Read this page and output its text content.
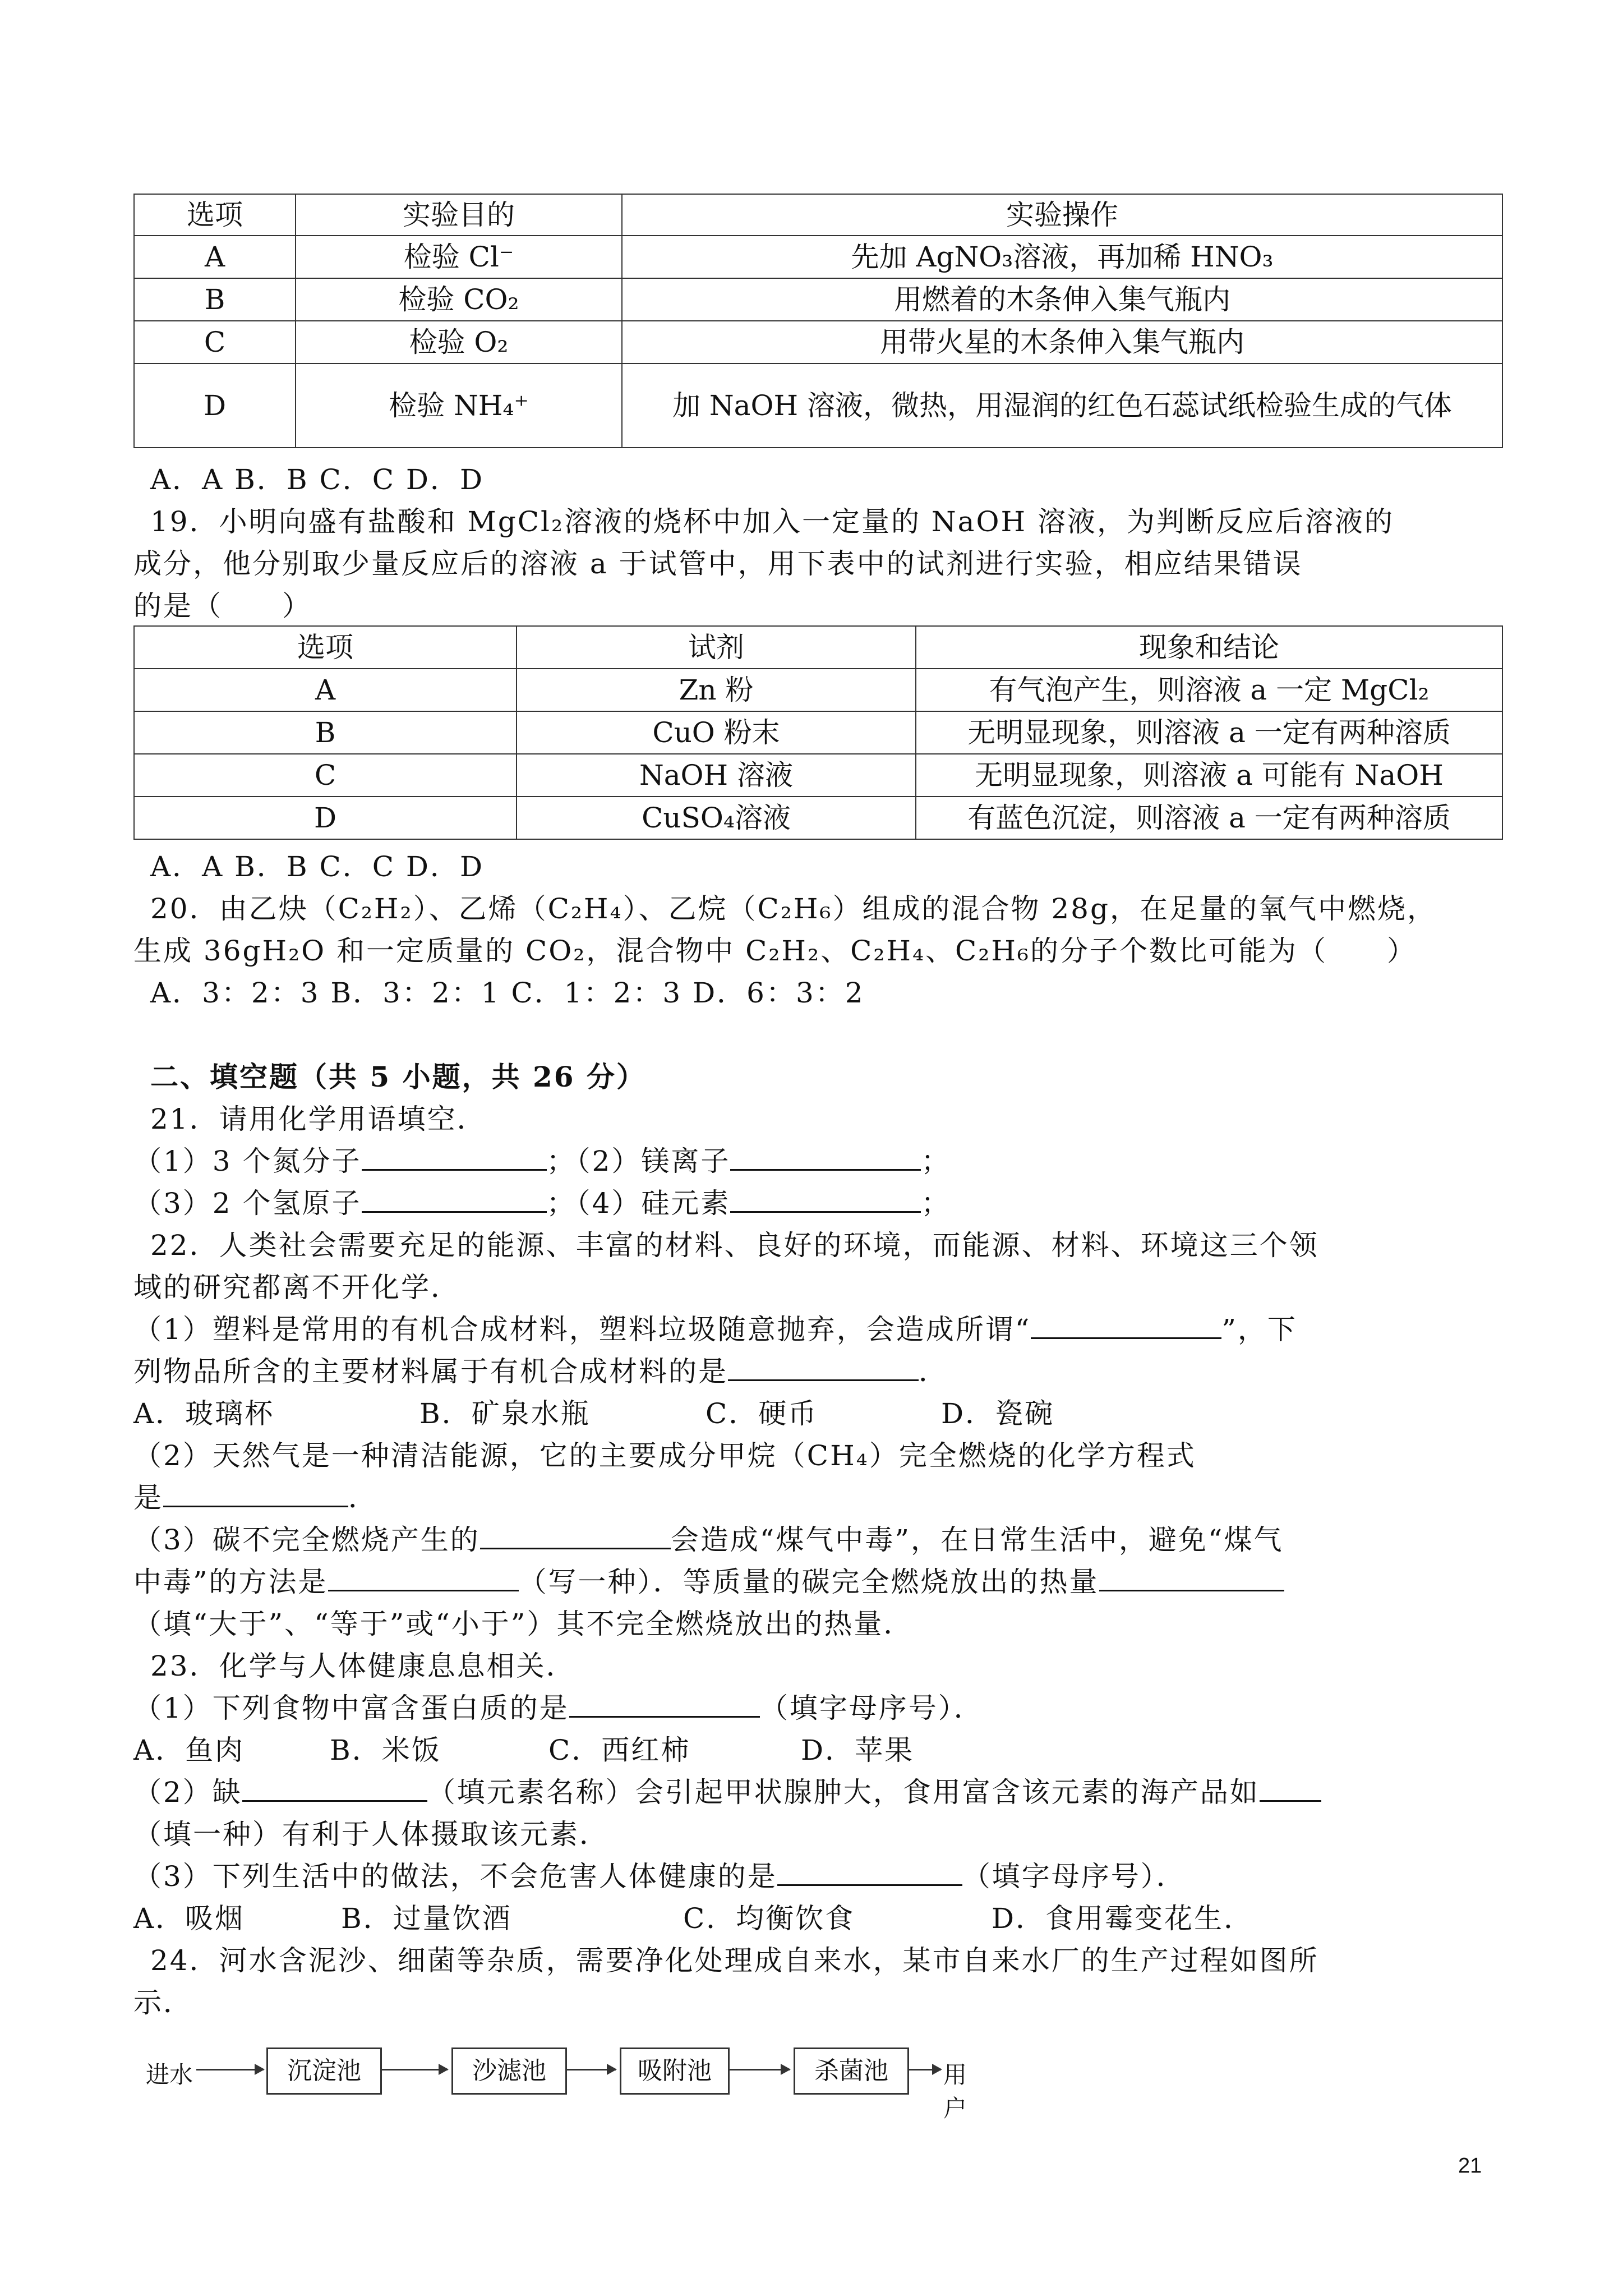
选项	实验目的	实验操作
A	检验 Cl⁻	先加 AgNO₃溶液，再加稀 HNO₃
B	检验 CO₂	用燃着的木条伸入集气瓶内
C	检验 O₂	用带火星的木条伸入集气瓶内
D	检验 NH₄⁺	加 NaOH 溶液，微热，用湿润的红色石蕊试纸检验生成的气体
A．A B．B C．C D．D
19．小明向盛有盐酸和 MgCl₂溶液的烧杯中加入一定量的 NaOH 溶液，为判断反应后溶液的
成分，他分别取少量反应后的溶液 a 于试管中，用下表中的试剂进行实验，相应结果错误
的是（　　）
选项	试剂	现象和结论
A	Zn 粉	有气泡产生，则溶液 a 一定 MgCl₂
B	CuO 粉末	无明显现象，则溶液 a 一定有两种溶质
C	NaOH 溶液	无明显现象，则溶液 a 可能有 NaOH
D	CuSO₄溶液	有蓝色沉淀，则溶液 a 一定有两种溶质
A．A B．B C．C D．D
20．由乙炔（C₂H₂）、乙烯（C₂H₄）、乙烷（C₂H₆）组成的混合物 28g，在足量的氧气中燃烧，
生成 36gH₂O 和一定质量的 CO₂，混合物中 C₂H₂、C₂H₄、C₂H₆的分子个数比可能为（　　）
A．3：2：3 B．3：2：1 C．1：2：3 D．6：3：2
二、填空题（共 5 小题，共 26 分）
21．请用化学用语填空．
（1）3 个氮分子	；（2）镁离子	；
（3）2 个氢原子	；（4）硅元素	；
22．人类社会需要充足的能源、丰富的材料、良好的环境，而能源、材料、环境这三个领
域的研究都离不开化学．
（1）塑料是常用的有机合成材料，塑料垃圾随意抛弃，会造成所谓“	”，下
列物品所含的主要材料属于有机合成材料的是	．
A．玻璃杯	B．矿泉水瓶	C．硬币	D．瓷碗
（2）天然气是一种清洁能源，它的主要成分甲烷（CH₄）完全燃烧的化学方程式
是	．
（3）碳不完全燃烧产生的	会造成“煤气中毒”，在日常生活中，避免“煤气
中毒”的方法是	（写一种）．等质量的碳完全燃烧放出的热量
（填“大于”、“等于”或“小于”）其不完全燃烧放出的热量．
23．化学与人体健康息息相关．
（1）下列食物中富含蛋白质的是	（填字母序号）．
A．鱼肉	B．米饭	C．西红柿	D．苹果
（2）缺	（填元素名称）会引起甲状腺肿大，食用富含该元素的海产品如
（填一种）有利于人体摄取该元素．
（3）下列生活中的做法，不会危害人体健康的是	（填字母序号）．
A．吸烟	B．过量饮酒	C．均衡饮食	D．食用霉变花生．
24．河水含泥沙、细菌等杂质，需要净化处理成自来水，某市自来水厂的生产过程如图所
示．
进水	沉淀池	沙滤池	吸附池	杀菌池	用户
21
